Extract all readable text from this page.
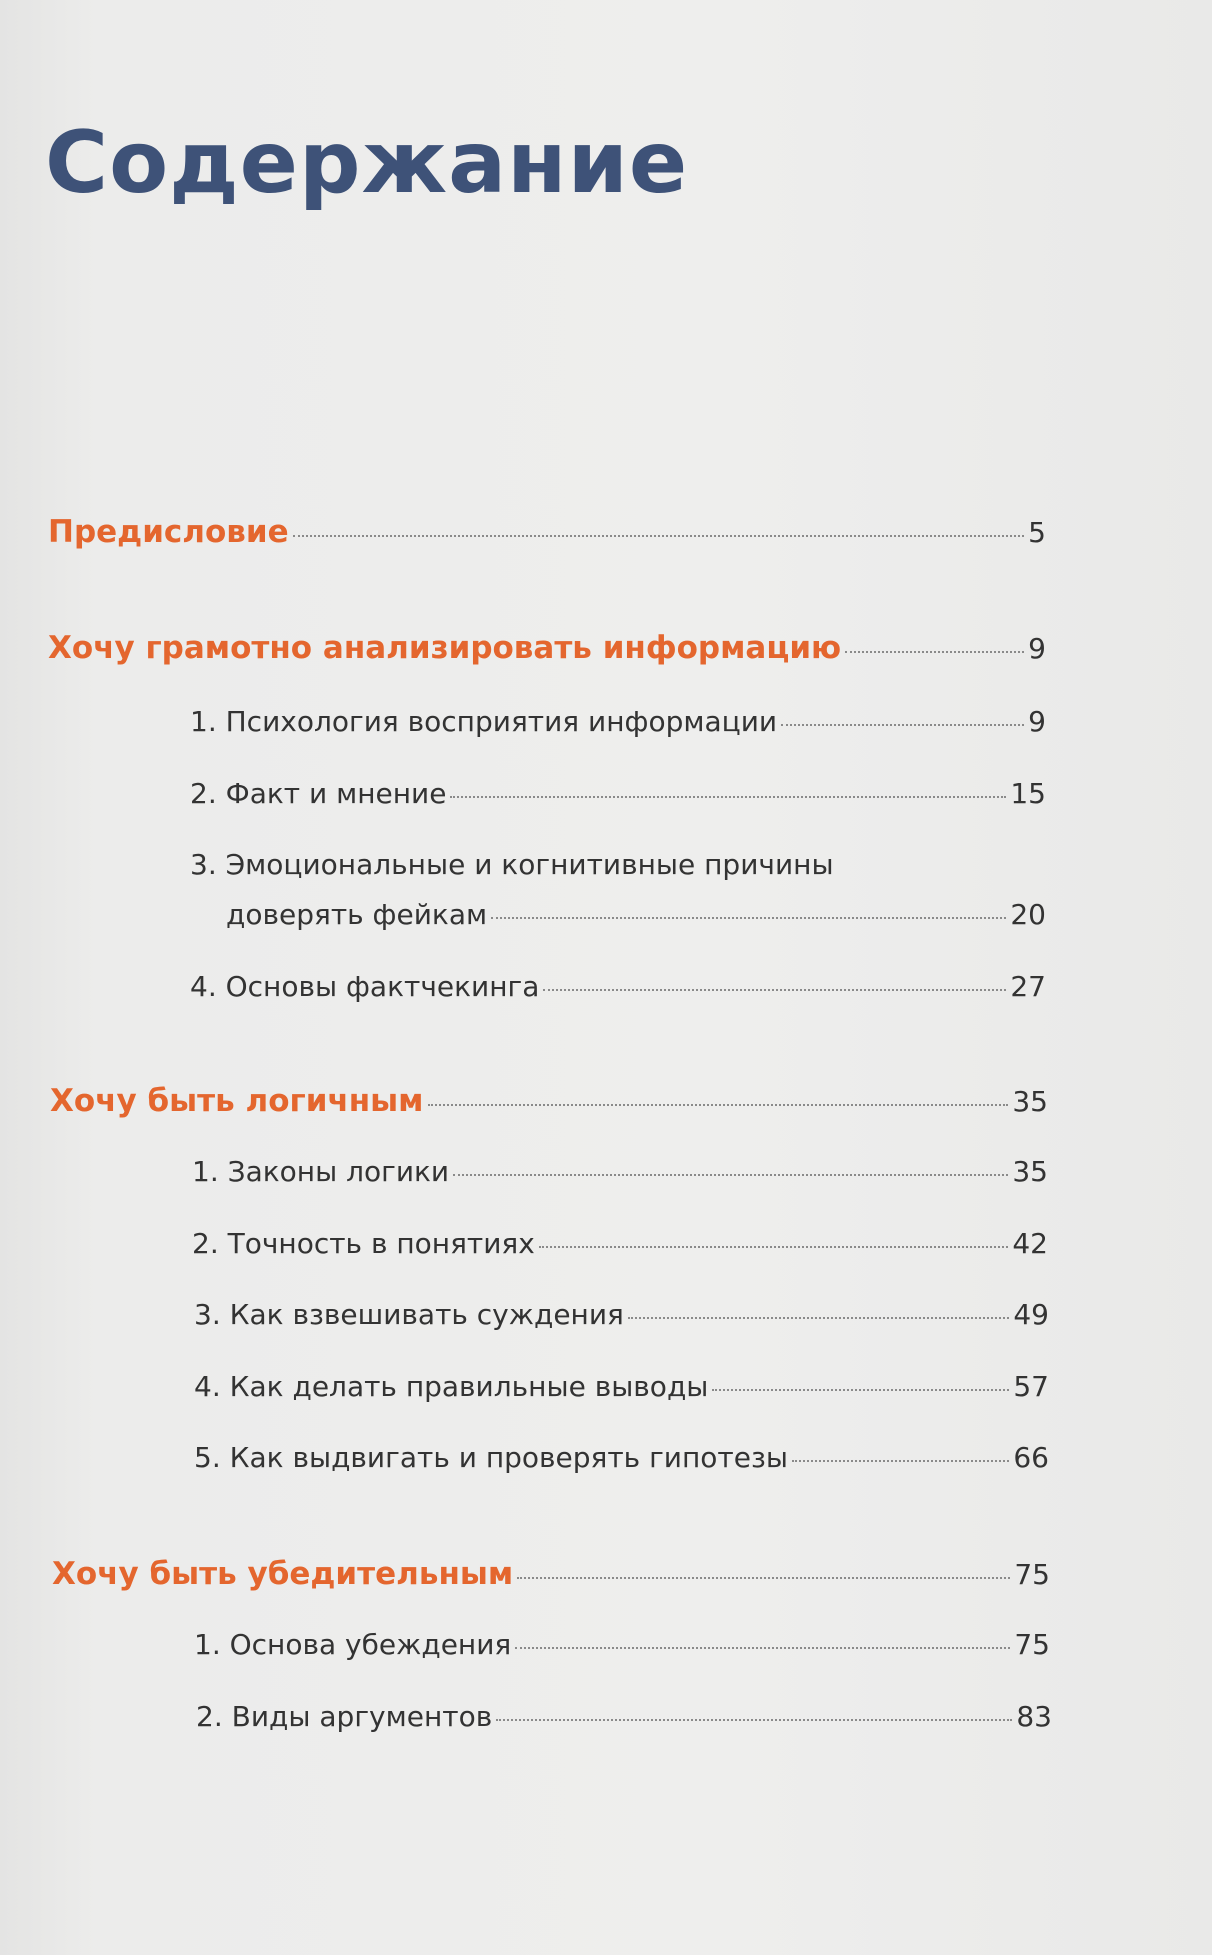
Содержание
Предисловие	5
Хочу грамотно анализировать информацию	9
1. Психология восприятия информации	9
2. Факт и мнение	15
3. Эмоциональные и когнитивные причины
доверять фейкам	20
4. Основы фактчекинга	27
Хочу быть логичным	35
1. Законы логики	35
2. Точность в понятиях	42
3. Как взвешивать суждения	49
4. Как делать правильные выводы	57
5. Как выдвигать и проверять гипотезы	66
Хочу быть убедительным	75
1. Основа убеждения	75
2. Виды аргументов	83
